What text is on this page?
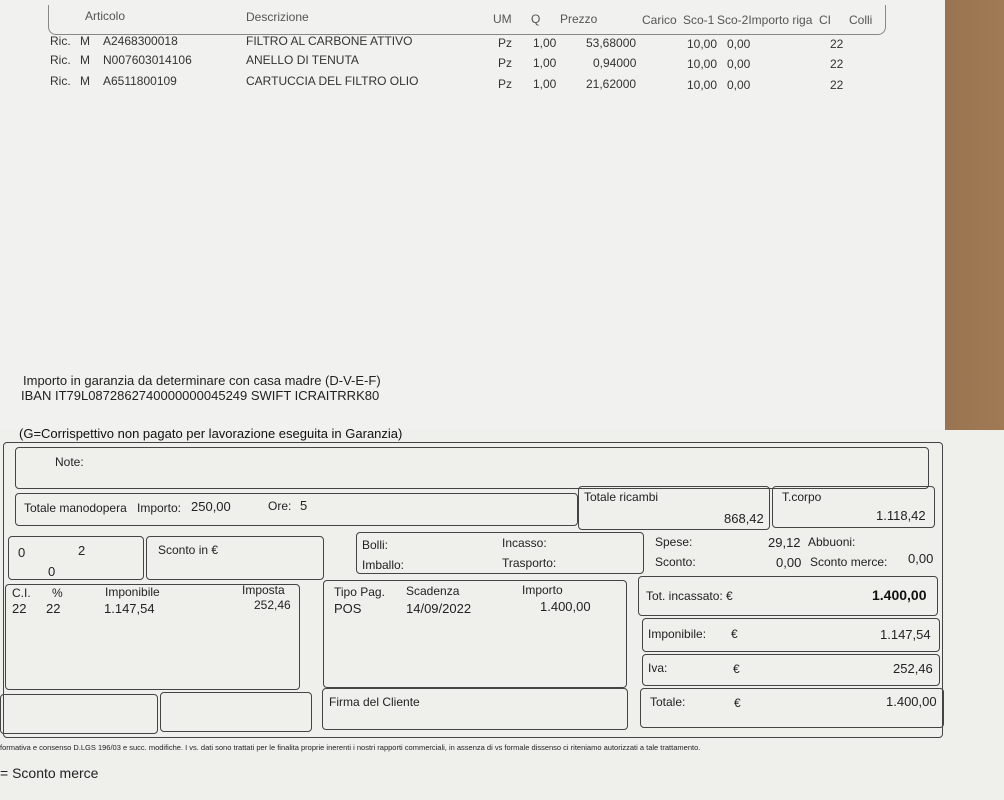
Articolo	Descrizione	UM Q Prezzo	Carico Sco-1 Sco-2Importo riga CI Colli
Ric. M A2468300018	FILTRO AL CARBONE ATTIVO	Pz 1,00 53,68000	10,00 0,00	22
Ric. M N007603014106	ANELLO DI TENUTA	Pz 1,00	0,94000	10,00 0,00	22
Ric. M A6511800109	CARTUCCIA DEL FILTRO OLIO	Pz 1,00 21,62000	10,00 0,00	22
Importo in garanzia da determinare con casa madre (D-V-E-F)
IBAN IT79L0872862740000000045249 SWIFT ICRAITRRK80
(G=Corrispettivo non pagato per lavorazione eseguita in Garanzia)
Note:
Totale manodopera Importo: 250,00	Ore: 5
Totale ricambi
868,42
T.corpo
1.118,42
0	2
0
Sconto in €	Bolli:
Imballo:
Incasso:
Trasporto:
Spese:	29,12 Abbuoni:
Sconto:	0,00 Sconto merce: 0,00
C.I. %	Imponibile	Imposta
22 22	1.147,54	252,46
Tipo Pag. Scadenza	Importo
POS	14/09/2022	1.400,00
Tot. incassato: €	1.400,00
Imponibile: €	1.147,54
Iva:	€	252,46
Totale:	€	1.400,00
Firma del Cliente
formativa e consenso D.LGS 196/03 e succ. modifiche. I vs. dati sono trattati per le finalita proprie inerenti i nostri rapporti commerciali, in assenza di vs formale dissenso ci riteniamo autorizzati a tale trattamento.
= Sconto merce
